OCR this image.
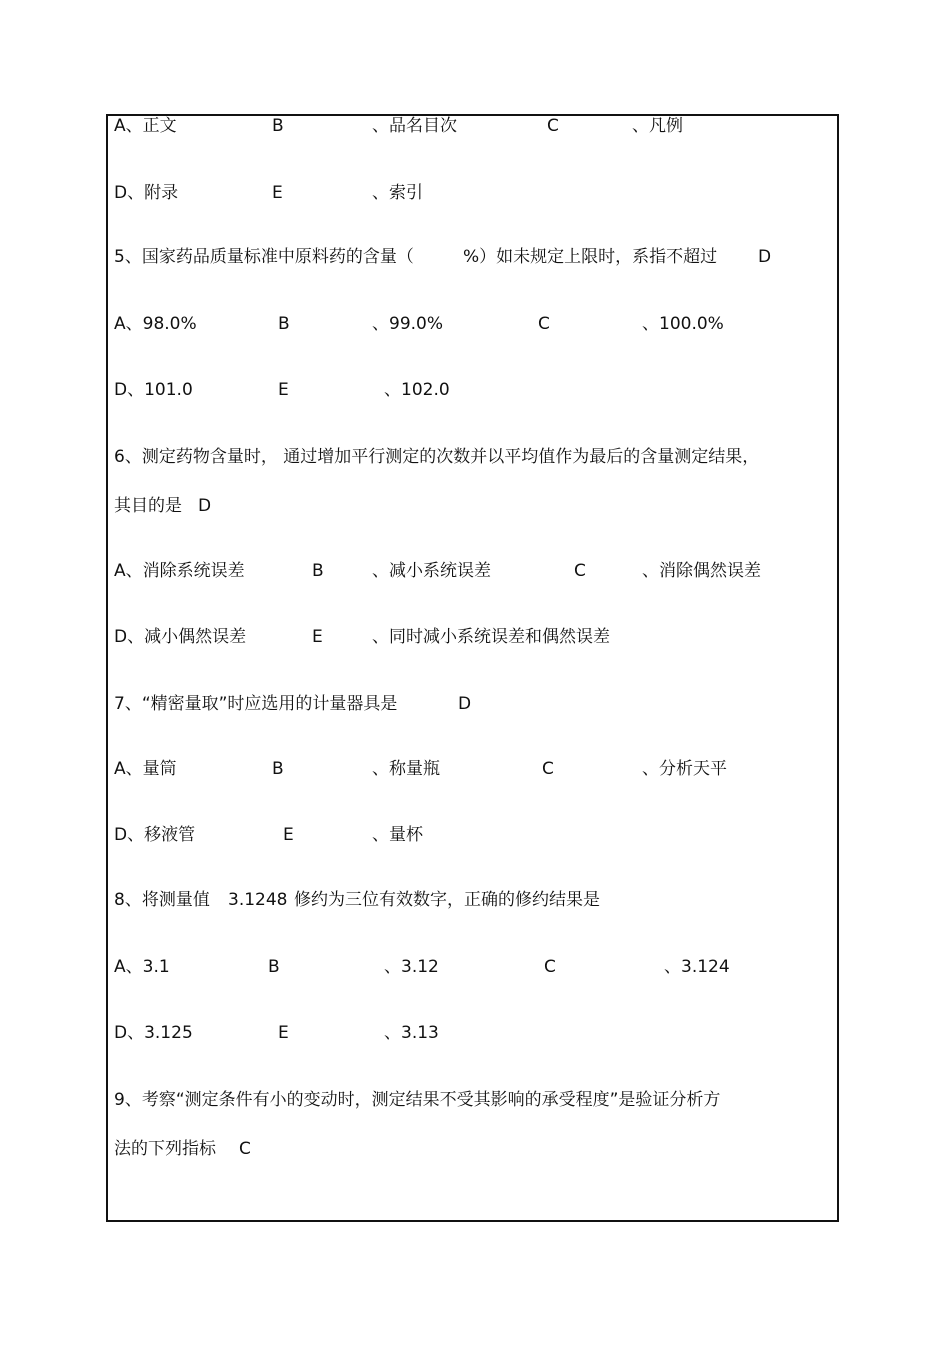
A、正文	B	、品名目次	C	、凡例
D、附录	E	、索引
5、国家药品质量标准中原料药的含量（	%）如未规定上限时，系指不超过 D
A、98.0%	B	、99.0%	C	、100.0%
D、101.0	E	、102.0
6、测定药物含量时， 通过增加平行测定的次数并以平均值作为最后的含量测定结果，
其目的是 D
A、消除系统误差	B	、减小系统误差	C	、消除偶然误差
D、减小偶然误差	E	、同时减小系统误差和偶然误差
7、“精密量取”时应选用的计量器具是	D
A、量筒	B	、称量瓶	C	、分析天平
D、移液管	E	、量杯
8、将测量值 3.1248 修约为三位有效数字，正确的修约结果是
A、3.1	B	、3.12	C	、3.124
D、3.125	E	、3.13
9、考察“测定条件有小的变动时，测定结果不受其影响的承受程度”是验证分析方
法的下列指标 C
